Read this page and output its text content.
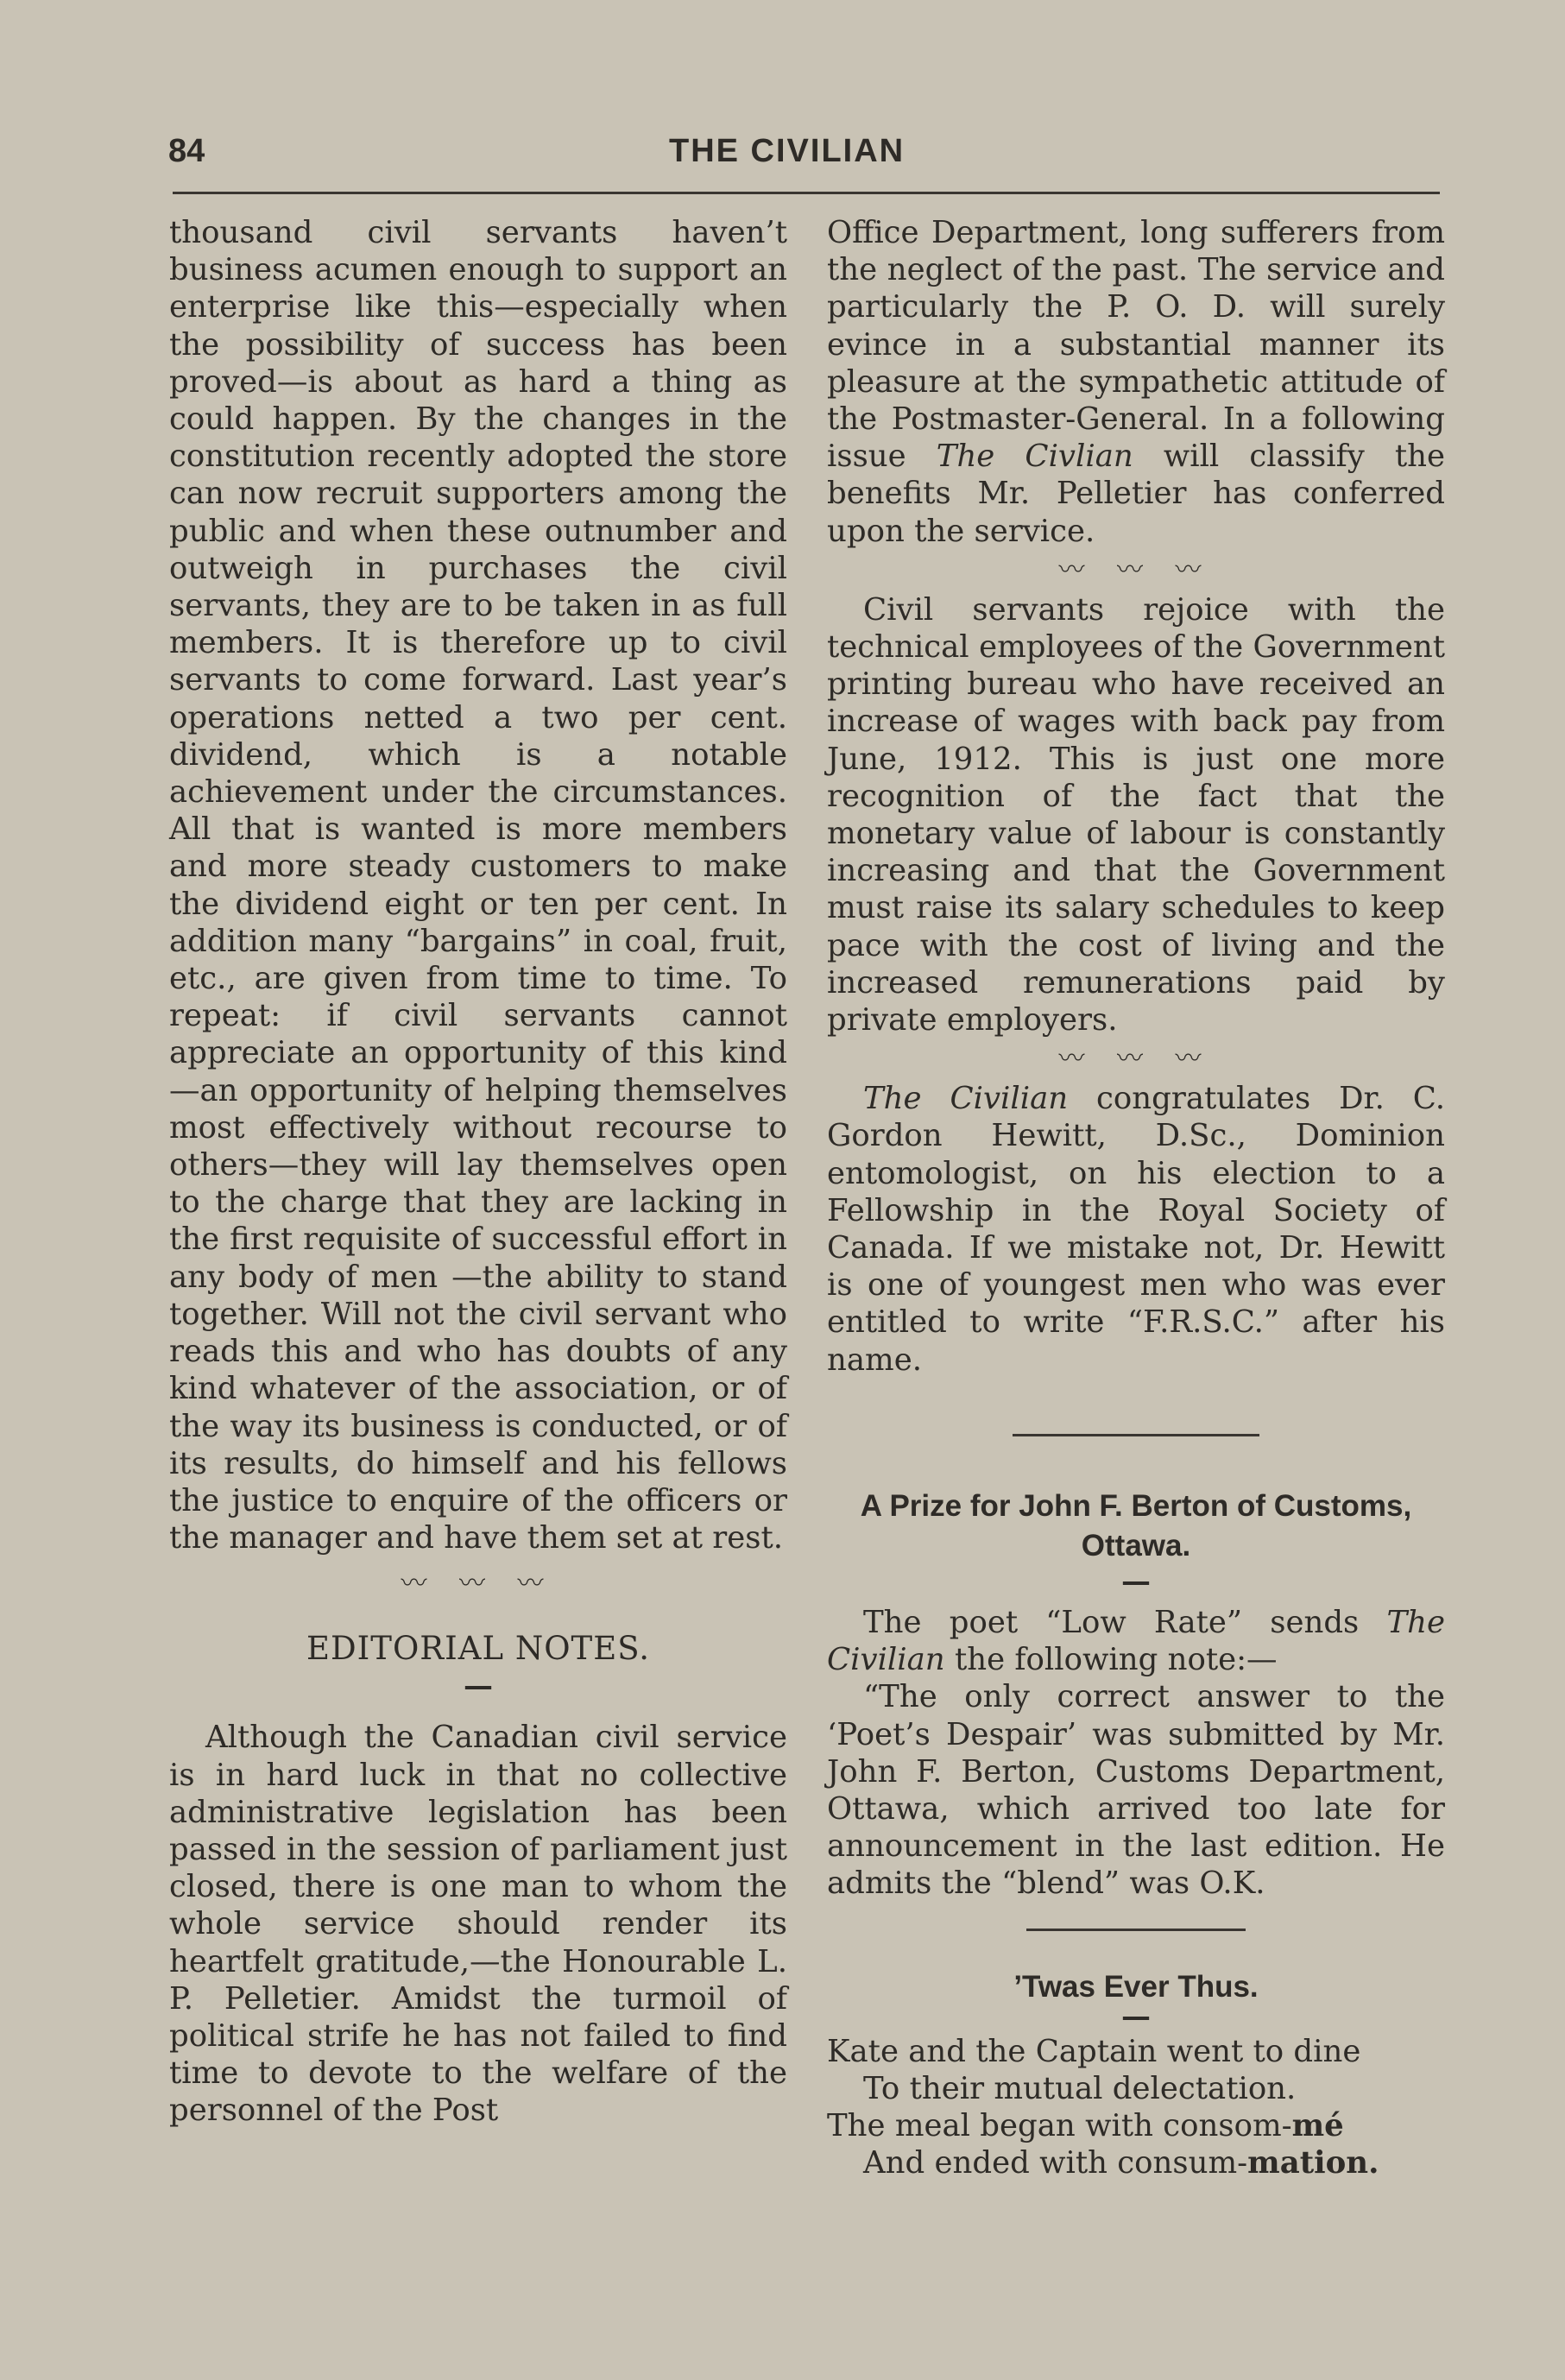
84	THE CIVILIAN

thousand civil servants haven’t business acumen enough to support an enterprise like this—especially when the possibility of success has been proved—is about as hard a thing as could happen. By the changes in the constitution recently adopted the store can now recruit supporters among the public and when these outnumber and outweigh in purchases the civil servants, they are to be taken in as full members. It is therefore up to civil servants to come forward. Last year’s operations netted a two per cent. dividend, which is a notable achievement under the circumstances. All that is wanted is more members and more steady customers to make the dividend eight or ten per cent. In addition many “bargains” in coal, fruit, etc., are given from time to time. To repeat: if civil servants cannot appreciate an opportunity of this kind —an opportunity of helping themselves most effectively without recourse to others—they will lay themselves open to the charge that they are lacking in the first requisite of successful effort in any body of men —the ability to stand together. Will not the civil servant who reads this and who has doubts of any kind whatever of the association, or of the way its business is conducted, or of its results, do himself and his fellows the justice to enquire of the officers or the manager and have them set at rest.

〰 〰 〰
EDITORIAL NOTES.
—

Although the Canadian civil service is in hard luck in that no collective administrative legislation has been passed in the session of parliament just closed, there is one man to whom the whole service should render its heartfelt gratitude,—the Honourable L. P. Pelletier. Amidst the turmoil of political strife he has not failed to find time to devote to the welfare of the personnel of the Post

Office Department, long sufferers from the neglect of the past. The service and particularly the P. O. D. will surely evince in a substantial manner its pleasure at the sympathetic attitude of the Postmaster-General. In a following issue The Civlian will classify the benefits Mr. Pelletier has conferred upon the service.

〰 〰 〰

Civil servants rejoice with the technical employees of the Government printing bureau who have received an increase of wages with back pay from June, 1912. This is just one more recognition of the fact that the monetary value of labour is constantly increasing and that the Government must raise its salary schedules to keep pace with the cost of living and the increased remunerations paid by private employers.

〰 〰 〰

The Civilian congratulates Dr. C. Gordon Hewitt, D.Sc., Dominion entomologist, on his election to a Fellowship in the Royal Society of Canada. If we mistake not, Dr. Hewitt is one of youngest men who was ever entitled to write “F.R.S.C.” after his name.

A Prize for John F. Berton of Customs, Ottawa.
—

The poet “Low Rate” sends The Civilian the following note:—

“The only correct answer to the ‘Poet’s Despair’ was submitted by Mr. John F. Berton, Customs Department, Ottawa, which arrived too late for announcement in the last edition. He admits the “blend” was O.K.

’Twas Ever Thus.
—
Kate and the Captain went to dine
To their mutual delectation.
The meal began with consom-mé
And ended with consum-mation.
